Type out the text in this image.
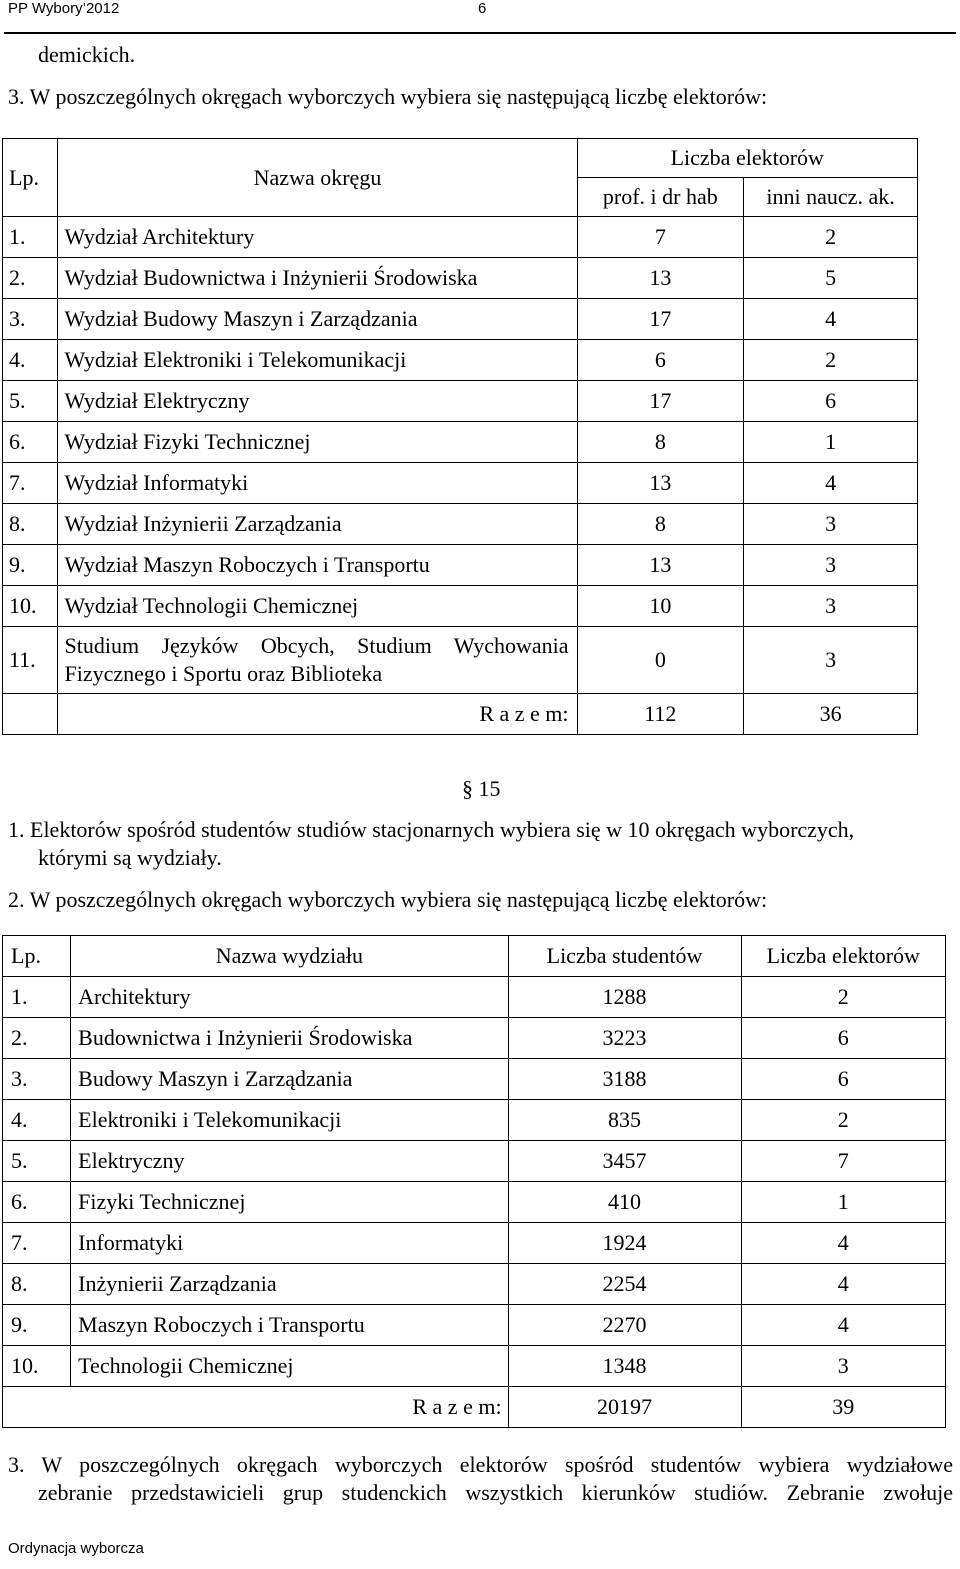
PP Wybory’2012	6
demickich.
3. W poszczególnych okręgach wyborczych wybiera się następującą liczbę elektorów:
Lp.	Nazwa okręgu	Liczba elektorów	
		prof. i dr hab	inni naucz. ak.
1.	Wydział Architektury	7	2
2.	Wydział Budownictwa i Inżynierii Środowiska	13	5
3.	Wydział Budowy Maszyn i Zarządzania	17	4
4.	Wydział Elektroniki i Telekomunikacji	6	2
5.	Wydział Elektryczny	17	6
6.	Wydział Fizyki Technicznej	8	1
7.	Wydział Informatyki	13	4
8.	Wydział Inżynierii Zarządzania	8	3
9.	Wydział Maszyn Roboczych i Transportu	13	3
10.	Wydział Technologii Chemicznej	10	3
11.	Studium Języków Obcych, Studium Wychowania
Fizycznego i Sportu oraz Biblioteka	0	3
	R a z e m:	112	36
§ 15
1. Elektorów spośród studentów studiów stacjonarnych wybiera się w 10 okręgach wyborczych,
którymi są wydziały.
2. W poszczególnych okręgach wyborczych wybiera się następującą liczbę elektorów:
Lp.	Nazwa wydziału	Liczba studentów	Liczba elektorów
1.	Architektury	1288	2
2.	Budownictwa i Inżynierii Środowiska	3223	6
3.	Budowy Maszyn i Zarządzania	3188	6
4.	Elektroniki i Telekomunikacji	835	2
5.	Elektryczny	3457	7
6.	Fizyki Technicznej	410	1
7.	Informatyki	1924	4
8.	Inżynierii Zarządzania	2254	4
9.	Maszyn Roboczych i Transportu	2270	4
10.	Technologii Chemicznej	1348	3
R a z e m:		20197	39
3. W poszczególnych okręgach wyborczych elektorów spośród studentów wybiera wydziałowe
zebranie przedstawicieli grup studenckich wszystkich kierunków studiów. Zebranie zwołuje
Ordynacja wyborcza
